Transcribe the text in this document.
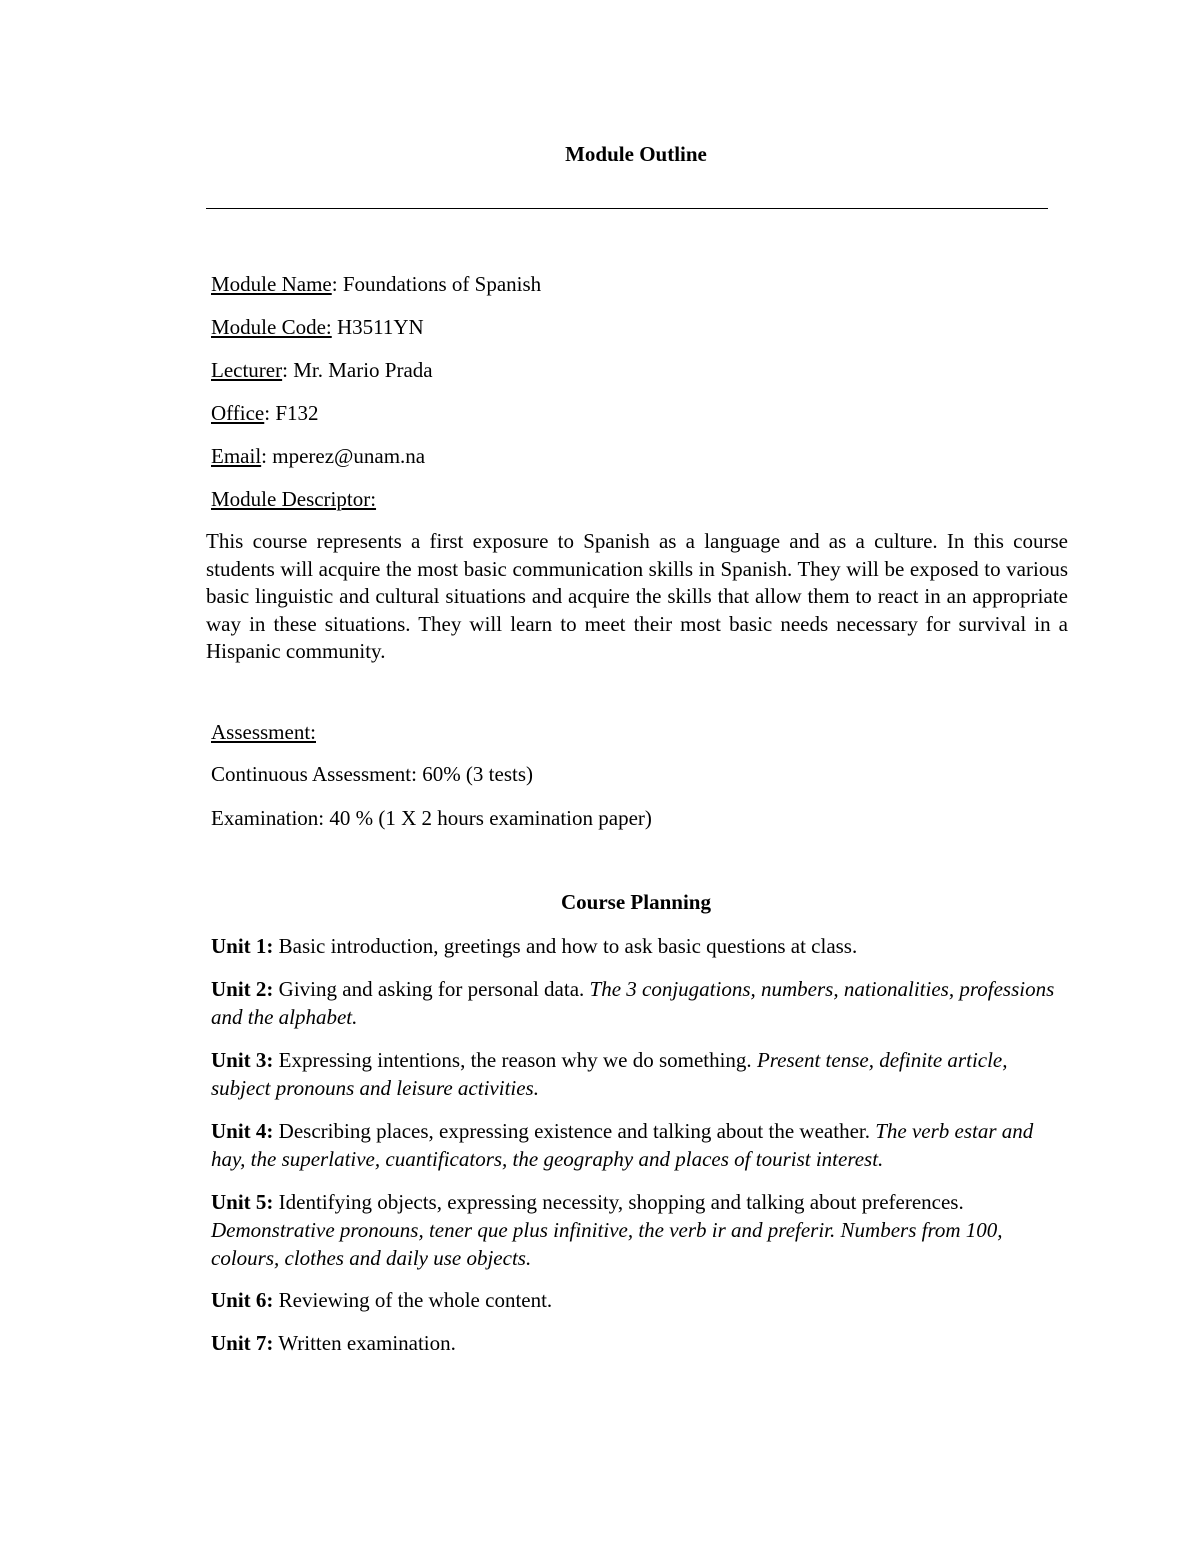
Module Outline
Module Name: Foundations of Spanish
Module Code: H3511YN
Lecturer: Mr. Mario Prada
Office: F132
Email: mperez@unam.na
Module Descriptor:
This course represents a first exposure to Spanish as a language and as a culture. In this course students will acquire the most basic communication skills in Spanish. They will be exposed to various basic linguistic and cultural situations and acquire the skills that allow them to react in an appropriate way in these situations. They will learn to meet their most basic needs necessary for survival in a Hispanic community.
Assessment:
Continuous Assessment: 60% (3 tests)
Examination: 40 % (1 X 2 hours examination paper)
Course Planning
Unit 1: Basic introduction, greetings and how to ask basic questions at class.
Unit 2: Giving and asking for personal data. The 3 conjugations, numbers, nationalities, professions and the alphabet.
Unit 3: Expressing intentions, the reason why we do something. Present tense, definite article, subject pronouns and leisure activities.
Unit 4: Describing places, expressing existence and talking about the weather. The verb estar and hay, the superlative, cuantificators, the geography and places of tourist interest.
Unit 5: Identifying objects, expressing necessity, shopping and talking about preferences. Demonstrative pronouns, tener que plus infinitive, the verb ir and preferir. Numbers from 100, colours, clothes and daily use objects.
Unit 6: Reviewing of the whole content.
Unit 7: Written examination.
